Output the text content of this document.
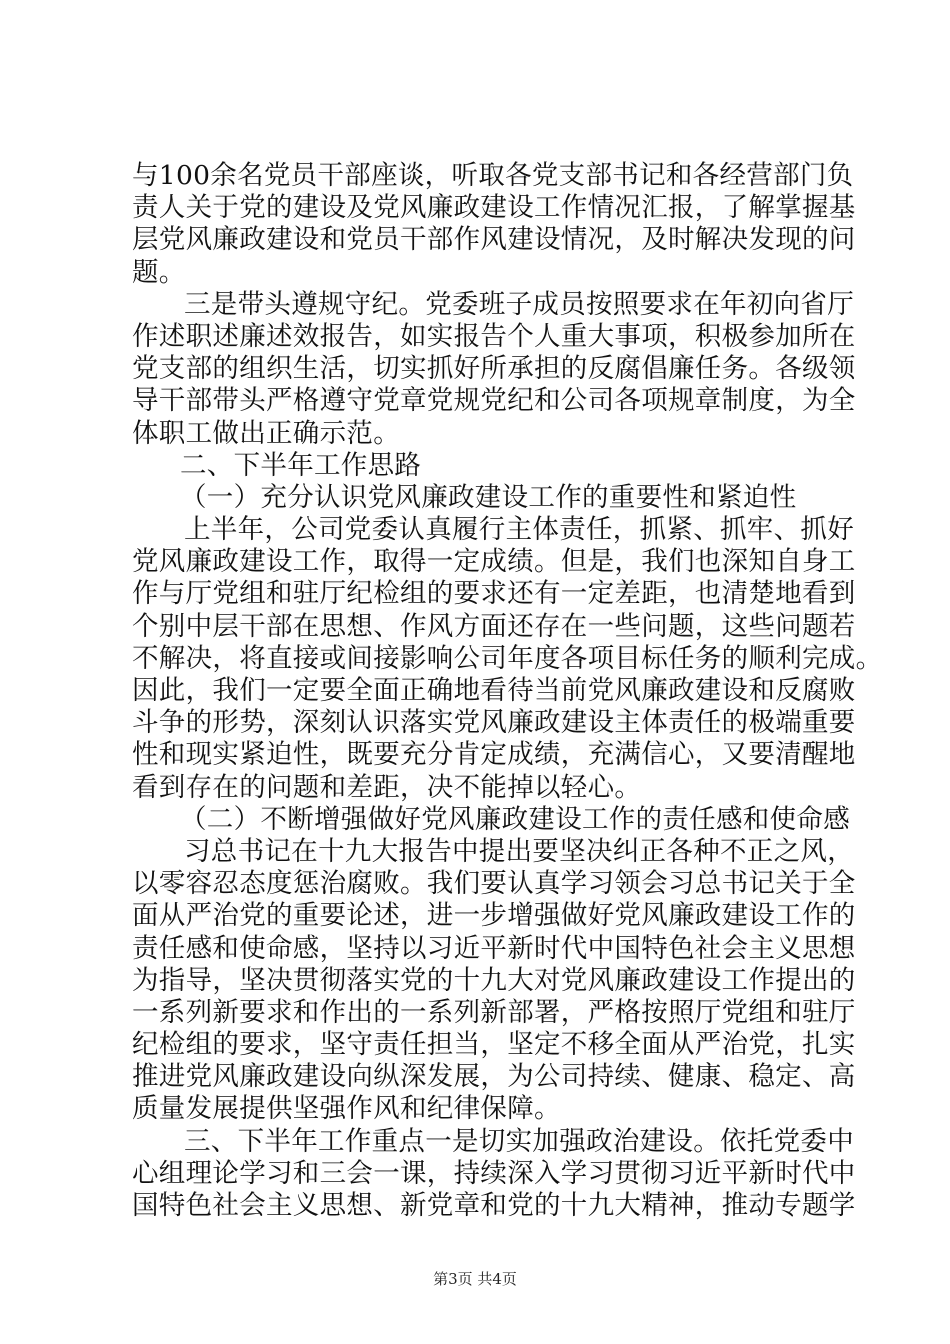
与100余名党员干部座谈，听取各党支部书记和各经营部门负
责人关于党的建设及党风廉政建设工作情况汇报，了解掌握基
层党风廉政建设和党员干部作风建设情况，及时解决发现的问
题。
三是带头遵规守纪。党委班子成员按照要求在年初向省厅
作述职述廉述效报告，如实报告个人重大事项，积极参加所在
党支部的组织生活，切实抓好所承担的反腐倡廉任务。各级领
导干部带头严格遵守党章党规党纪和公司各项规章制度，为全
体职工做出正确示范。
二、下半年工作思路
（一）充分认识党风廉政建设工作的重要性和紧迫性
上半年，公司党委认真履行主体责任，抓紧、抓牢、抓好
党风廉政建设工作，取得一定成绩。但是，我们也深知自身工
作与厅党组和驻厅纪检组的要求还有一定差距，也清楚地看到
个别中层干部在思想、作风方面还存在一些问题，这些问题若
不解决，将直接或间接影响公司年度各项目标任务的顺利完成。
因此，我们一定要全面正确地看待当前党风廉政建设和反腐败
斗争的形势，深刻认识落实党风廉政建设主体责任的极端重要
性和现实紧迫性，既要充分肯定成绩，充满信心，又要清醒地
看到存在的问题和差距，决不能掉以轻心。
（二）不断增强做好党风廉政建设工作的责任感和使命感
习总书记在十九大报告中提出要坚决纠正各种不正之风，
以零容忍态度惩治腐败。我们要认真学习领会习总书记关于全
面从严治党的重要论述，进一步增强做好党风廉政建设工作的
责任感和使命感，坚持以习近平新时代中国特色社会主义思想
为指导，坚决贯彻落实党的十九大对党风廉政建设工作提出的
一系列新要求和作出的一系列新部署，严格按照厅党组和驻厅
纪检组的要求，坚守责任担当，坚定不移全面从严治党，扎实
推进党风廉政建设向纵深发展，为公司持续、健康、稳定、高
质量发展提供坚强作风和纪律保障。
三、下半年工作重点一是切实加强政治建设。依托党委中
心组理论学习和三会一课，持续深入学习贯彻习近平新时代中
国特色社会主义思想、新党章和党的十九大精神，推动专题学
第3页 共4页
